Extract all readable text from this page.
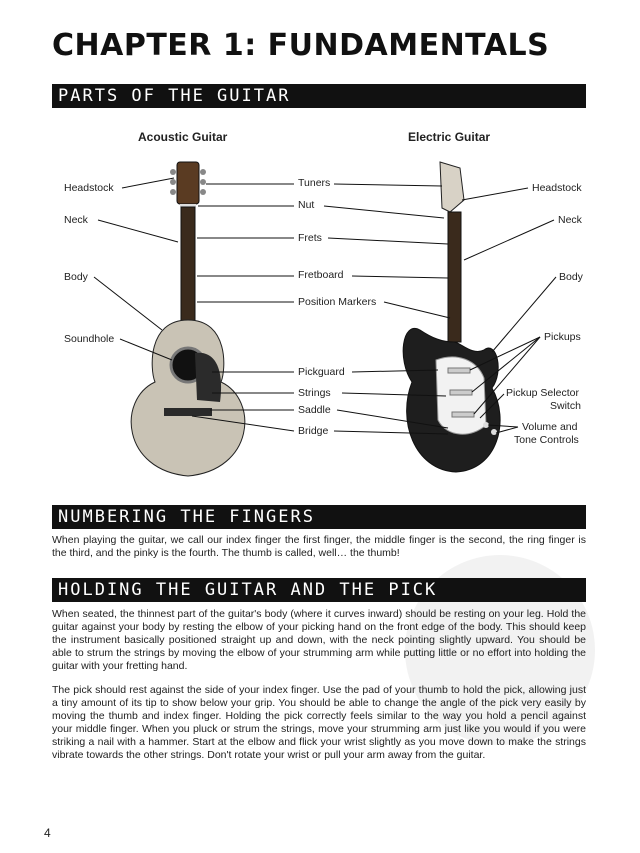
CHAPTER 1: FUNDAMENTALS
PARTS OF THE GUITAR
Acoustic Guitar	Electric Guitar
Headstock
Neck
Body
Soundhole
Tuners
Nut
Frets
Fretboard
Position Markers
Pickguard
Strings
Saddle
Bridge
Headstock
Neck
Body
Pickups
Pickup Selector
Switch
Volume and
Tone Controls
NUMBERING THE FINGERS

When playing the guitar, we call our index finger the first finger, the middle finger is the second, the ring finger is the third, and the pinky is the fourth. The thumb is called, well… the thumb!

HOLDING THE GUITAR AND THE PICK

When seated, the thinnest part of the guitar's body (where it curves inward) should be resting on your leg. Hold the guitar against your body by resting the elbow of your picking hand on the front edge of the body. This should keep the instrument basically positioned straight up and down, with the neck pointing slightly upward. You should be able to strum the strings by moving the elbow of your strumming arm while putting little or no effort into holding the guitar with your fretting hand.

The pick should rest against the side of your index finger. Use the pad of your thumb to hold the pick, allowing just a tiny amount of its tip to show below your grip. You should be able to change the angle of the pick very easily by moving the thumb and index finger. Holding the pick correctly feels similar to the way you hold a pencil against your middle finger. When you pluck or strum the strings, move your strumming arm just like you would if you were striking a nail with a hammer. Start at the elbow and flick your wrist slightly as you move down to make the strings vibrate towards the other strings. Don't rotate your wrist or pull your arm away from the guitar.

4
